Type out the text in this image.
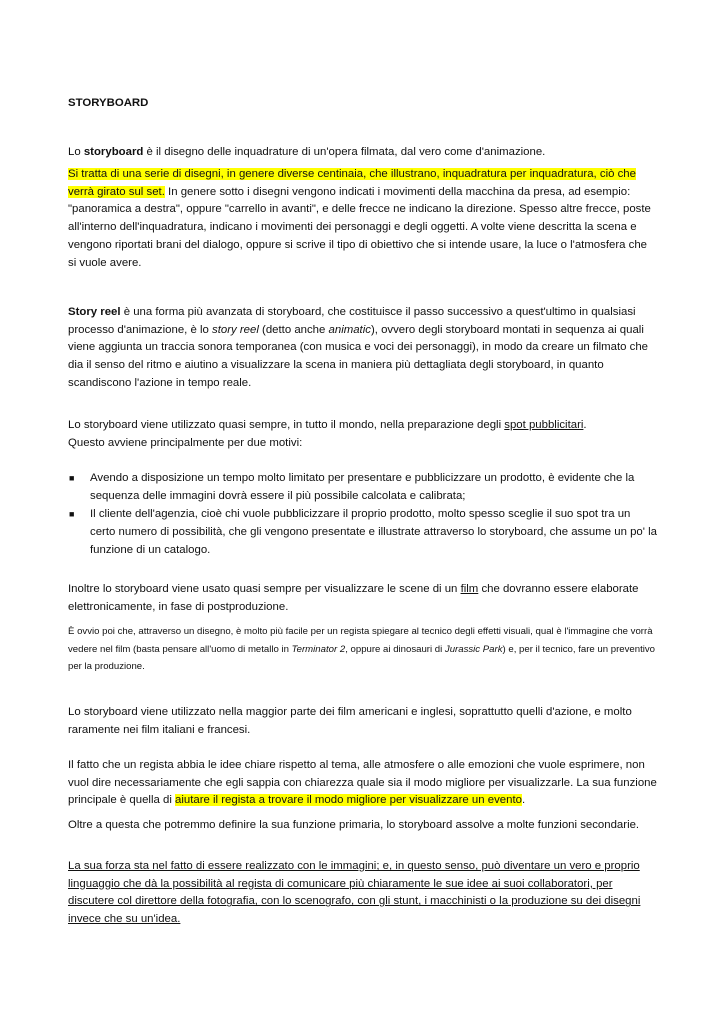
STORYBOARD

Lo storyboard è il disegno delle inquadrature di un'opera filmata, dal vero come d'animazione.

Si tratta di una serie di disegni, in genere diverse centinaia, che illustrano, inquadratura per inquadratura, ciò che verrà girato sul set. In genere sotto i disegni vengono indicati i movimenti della macchina da presa, ad esempio: "panoramica a destra", oppure "carrello in avanti", e delle frecce ne indicano la direzione. Spesso altre frecce, poste all'interno dell'inquadratura, indicano i movimenti dei personaggi e degli oggetti. A volte viene descritta la scena e vengono riportati brani del dialogo, oppure si scrive il tipo di obiettivo che si intende usare, la luce o l'atmosfera che si vuole avere.

Story reel è una forma più avanzata di storyboard, che costituisce il passo successivo a quest'ultimo in qualsiasi processo d'animazione, è lo story reel (detto anche animatic), ovvero degli storyboard montati in sequenza ai quali viene aggiunta un traccia sonora temporanea (con musica e voci dei personaggi), in modo da creare un filmato che dia il senso del ritmo e aiutino a visualizzare la scena in maniera più dettagliata degli storyboard, in quanto scandiscono l'azione in tempo reale.

Lo storyboard viene utilizzato quasi sempre, in tutto il mondo, nella preparazione degli spot pubblicitari.
Questo avviene principalmente per due motivi:

■ Avendo a disposizione un tempo molto limitato per presentare e pubblicizzare un prodotto, è evidente che la sequenza delle immagini dovrà essere il più possibile calcolata e calibrata;
■ Il cliente dell'agenzia, cioè chi vuole pubblicizzare il proprio prodotto, molto spesso sceglie il suo spot tra un certo numero di possibilità, che gli vengono presentate e illustrate attraverso lo storyboard, che assume un po' la funzione di un catalogo.

Inoltre lo storyboard viene usato quasi sempre per visualizzare le scene di un film che dovranno essere elaborate elettronicamente, in fase di postproduzione.

È ovvio poi che, attraverso un disegno, è molto più facile per un regista spiegare al tecnico degli effetti visuali, qual è l'immagine che vorrà vedere nel film (basta pensare all'uomo di metallo in Terminator 2, oppure ai dinosauri di Jurassic Park) e, per il tecnico, fare un preventivo per la produzione.

Lo storyboard viene utilizzato nella maggior parte dei film americani e inglesi, soprattutto quelli d'azione, e molto raramente nei film italiani e francesi.

Il fatto che un regista abbia le idee chiare rispetto al tema, alle atmosfere o alle emozioni che vuole esprimere, non vuol dire necessariamente che egli sappia con chiarezza quale sia il modo migliore per visualizzarle. La sua funzione principale è quella di aiutare il regista a trovare il modo migliore per visualizzare un evento.

Oltre a questa che potremmo definire la sua funzione primaria, lo storyboard assolve a molte funzioni secondarie.

La sua forza sta nel fatto di essere realizzato con le immagini; e, in questo senso, può diventare un vero e proprio linguaggio che dà la possibilità al regista di comunicare più chiaramente le sue idee ai suoi collaboratori, per discutere col direttore della fotografia, con lo scenografo, con gli stunt, i macchinisti o la produzione su dei disegni invece che su un'idea.
